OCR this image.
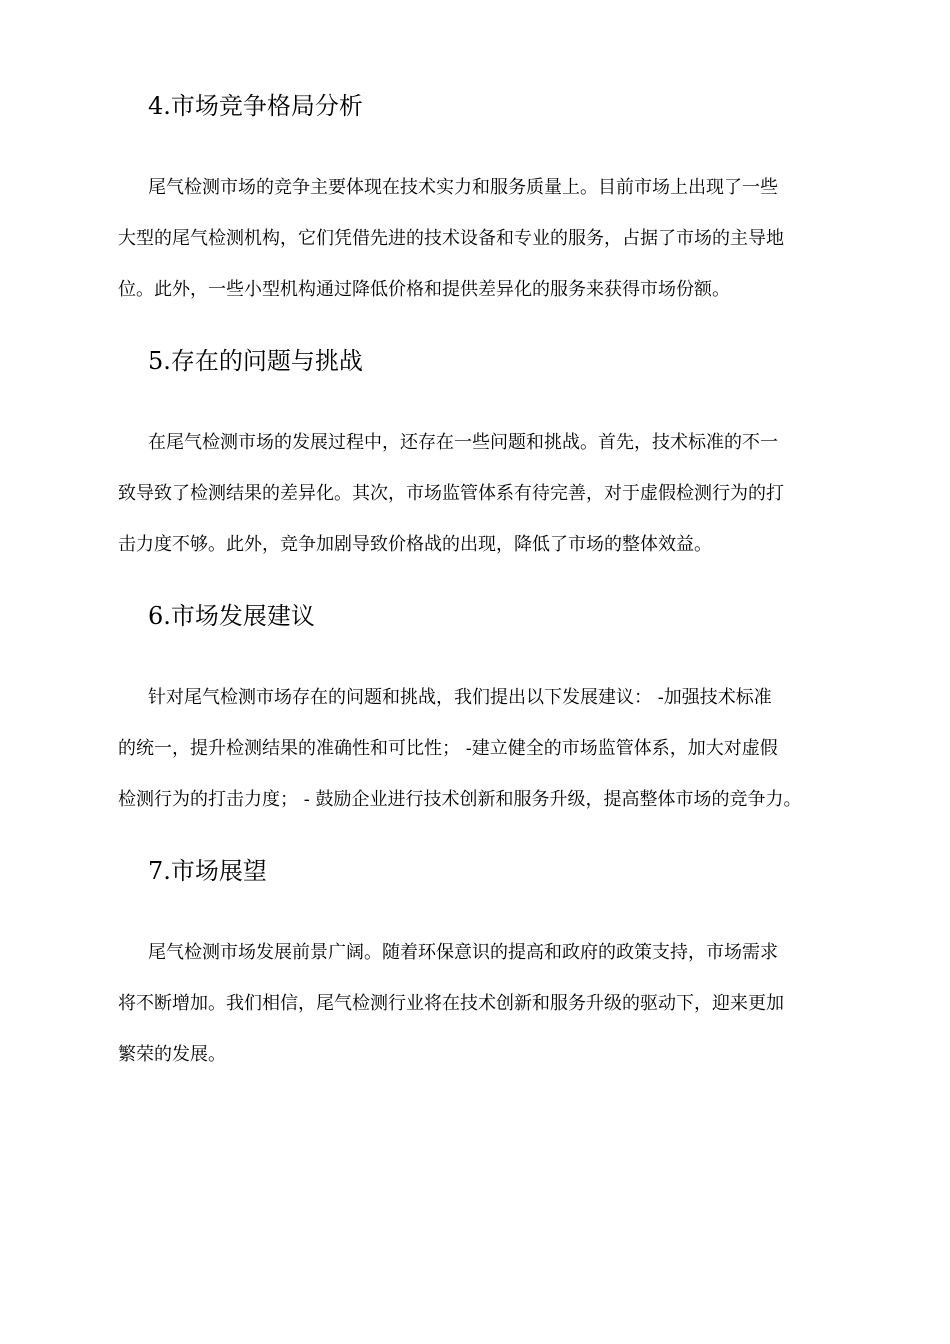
4.市场竞争格局分析
尾气检测市场的竞争主要体现在技术实力和服务质量上。目前市场上出现了一些
大型的尾气检测机构，它们凭借先进的技术设备和专业的服务，占据了市场的主导地
位。此外，一些小型机构通过降低价格和提供差异化的服务来获得市场份额。
5.存在的问题与挑战
在尾气检测市场的发展过程中，还存在一些问题和挑战。首先，技术标准的不一
致导致了检测结果的差异化。其次，市场监管体系有待完善，对于虚假检测行为的打
击力度不够。此外，竞争加剧导致价格战的出现，降低了市场的整体效益。
6.市场发展建议
针对尾气检测市场存在的问题和挑战，我们提出以下发展建议： -加强技术标准
的统一，提升检测结果的准确性和可比性； -建立健全的市场监管体系，加大对虚假
检测行为的打击力度； - 鼓励企业进行技术创新和服务升级，提高整体市场的竞争力。
7.市场展望
尾气检测市场发展前景广阔。随着环保意识的提高和政府的政策支持，市场需求
将不断增加。我们相信，尾气检测行业将在技术创新和服务升级的驱动下，迎来更加
繁荣的发展。
